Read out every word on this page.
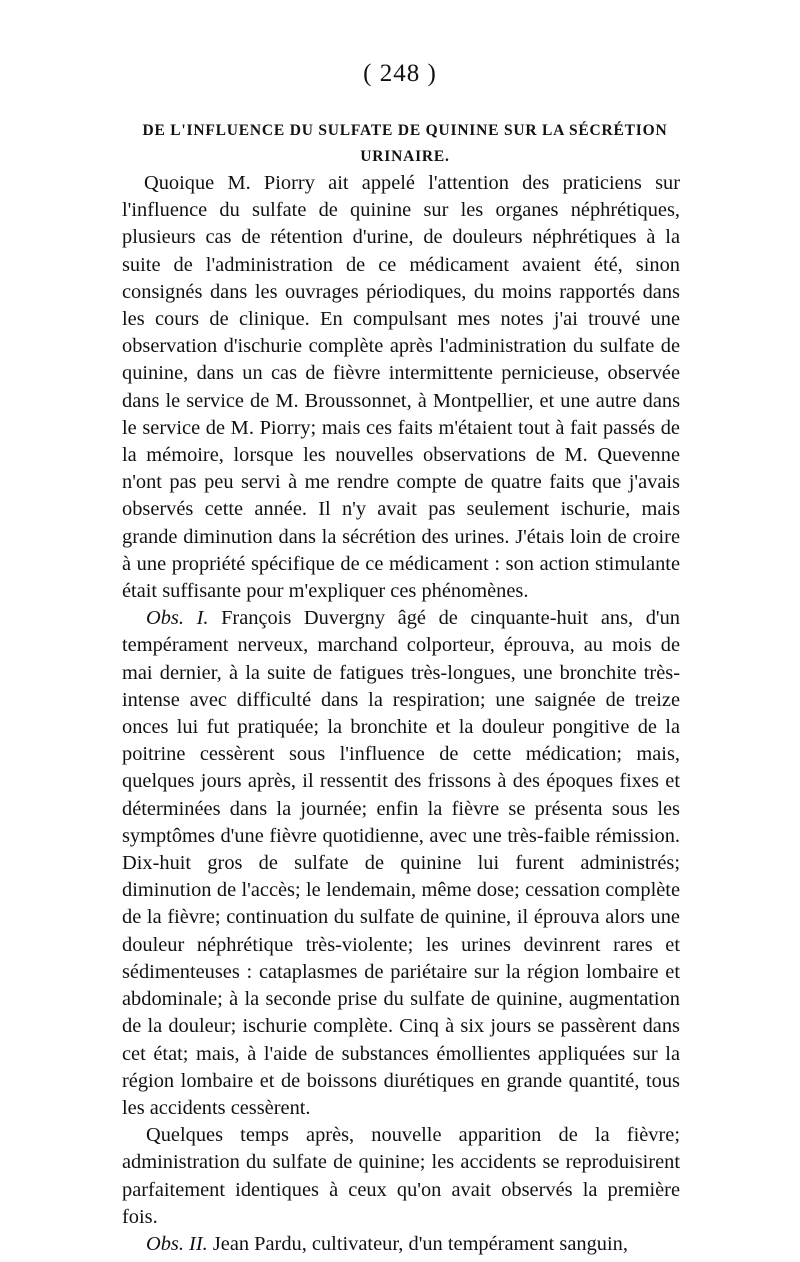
( 248 )
DE L'INFLUENCE DU SULFATE DE QUININE SUR LA SÉCRÉTION
URINAIRE.

Quoique M. Piorry ait appelé l'attention des praticiens sur l'influence du sulfate de quinine sur les organes néphrétiques, plusieurs cas de rétention d'urine, de douleurs néphrétiques à la suite de l'administration de ce médicament avaient été, sinon consignés dans les ouvrages périodiques, du moins rapportés dans les cours de clinique. En compulsant mes notes j'ai trouvé une observation d'ischurie complète après l'administration du sulfate de quinine, dans un cas de fièvre intermittente pernicieuse, observée dans le service de M. Broussonnet, à Montpellier, et une autre dans le service de M. Piorry; mais ces faits m'étaient tout à fait passés de la mémoire, lorsque les nouvelles observations de M. Quevenne n'ont pas peu servi à me rendre compte de quatre faits que j'avais observés cette année. Il n'y avait pas seulement ischurie, mais grande diminution dans la sécrétion des urines. J'étais loin de croire à une propriété spécifique de ce médicament : son action stimulante était suffisante pour m'expliquer ces phénomènes.

Obs. I. François Duvergny âgé de cinquante-huit ans, d'un tempérament nerveux, marchand colporteur, éprouva, au mois de mai dernier, à la suite de fatigues très-longues, une bronchite très-intense avec difficulté dans la respiration; une saignée de treize onces lui fut pratiquée; la bronchite et la douleur pongitive de la poitrine cessèrent sous l'influence de cette médication; mais, quelques jours après, il ressentit des frissons à des époques fixes et déterminées dans la journée; enfin la fièvre se présenta sous les symptômes d'une fièvre quotidienne, avec une très-faible rémission. Dix-huit gros de sulfate de quinine lui furent administrés; diminution de l'accès; le lendemain, même dose; cessation complète de la fièvre; continuation du sulfate de quinine, il éprouva alors une douleur néphrétique très-violente; les urines devinrent rares et sédimenteuses : cataplasmes de pariétaire sur la région lombaire et abdominale; à la seconde prise du sulfate de quinine, augmentation de la douleur; ischurie complète. Cinq à six jours se passèrent dans cet état; mais, à l'aide de substances émollientes appliquées sur la région lombaire et de boissons diurétiques en grande quantité, tous les accidents cessèrent.

Quelques temps après, nouvelle apparition de la fièvre; administration du sulfate de quinine; les accidents se reproduisirent parfaitement identiques à ceux qu'on avait observés la première fois.

Obs. II. Jean Pardu, cultivateur, d'un tempérament sanguin,
